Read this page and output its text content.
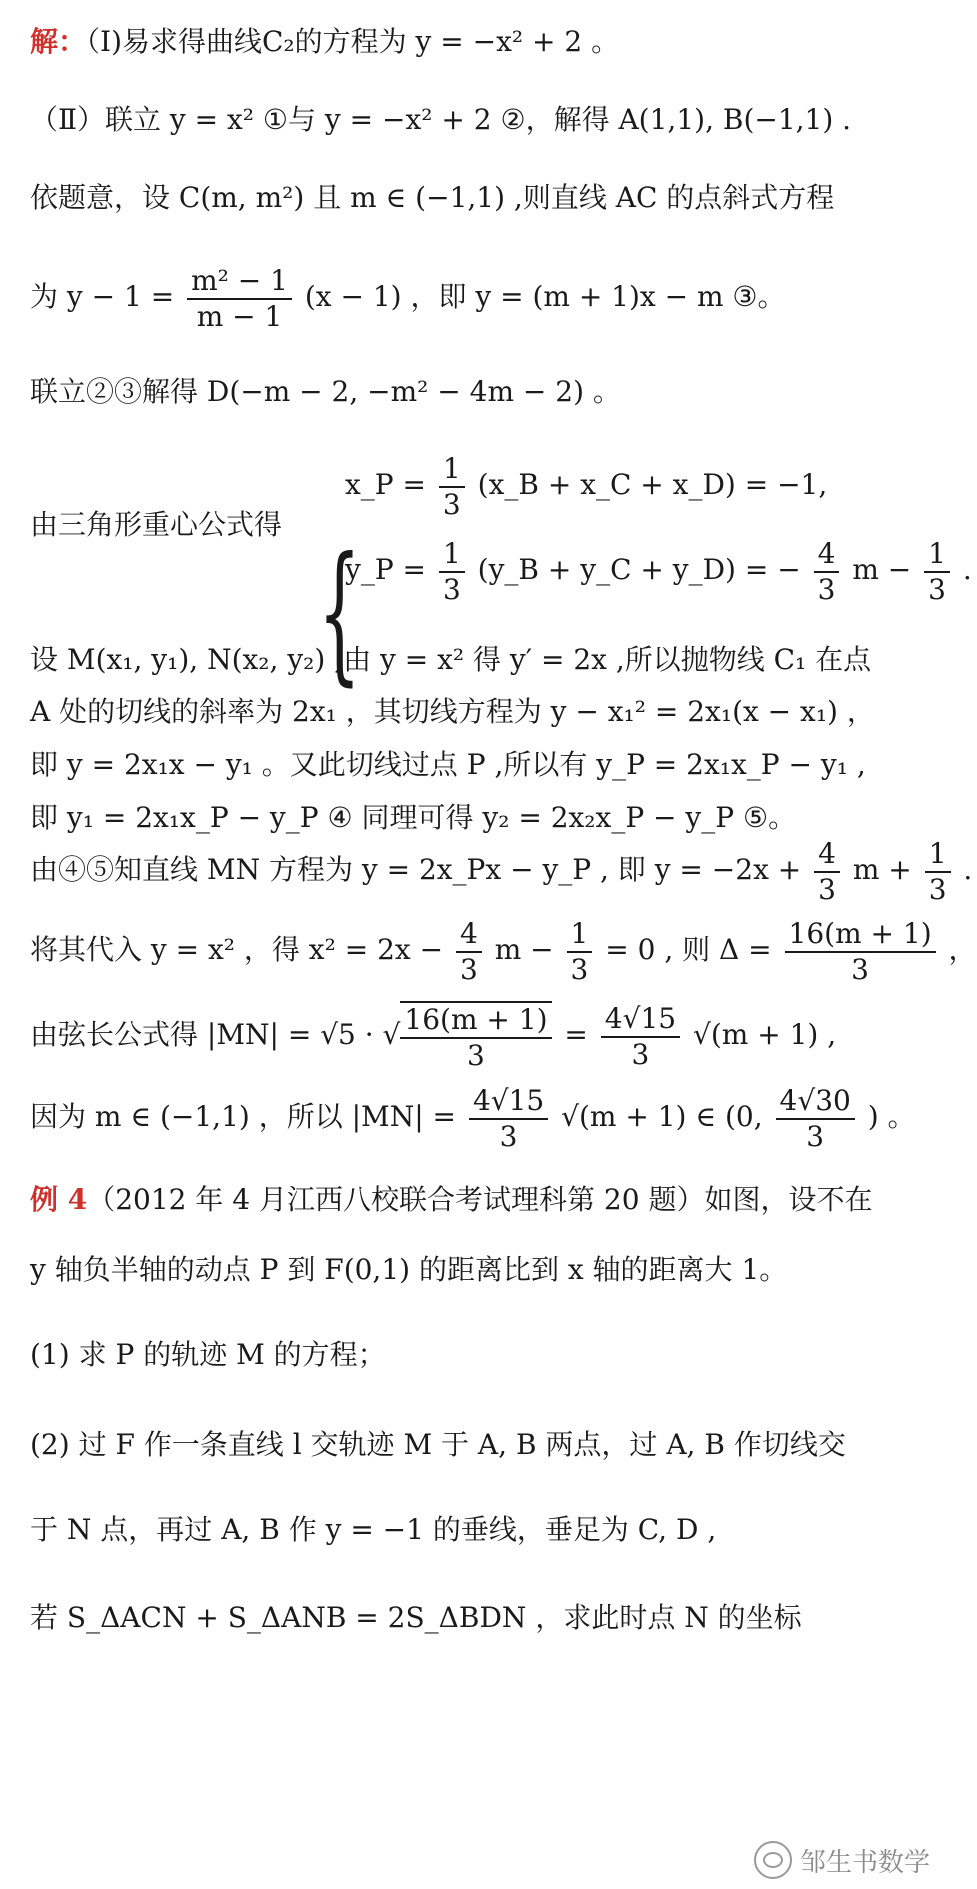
解：（Ⅰ)易求得曲线C₂的方程为 y = −x² + 2 。
（Ⅱ）联立 y = x² ①与 y = −x² + 2 ②，解得 A(1,1), B(−1,1) .
依题意，设 C(m, m²) 且 m ∈ (−1,1) ,则直线 AC 的点斜式方程
为 $y - 1 = \frac{\text{m² − 1}}{m - 1} (x - 1)$ ，即 y = (m + 1)x − m ③。
联立②③解得 D(−m − 2, −m² − 4m − 2) 。
由三角形重心公式得
{
x_P = $\frac{1}{3}$ (x_B + x_C + x_D) = −1,
y_P = $\frac{1}{3}$ (y_B + y_C + y_D) = − $\frac{4}{3}$ $m - \frac{1}{3}$ .
设 M(x₁, y₁), N(x₂, y₂) ,由 y = x² 得 y′ = 2x ,所以抛物线 C₁ 在点
A 处的切线的斜率为 2x₁ ，其切线方程为 y − x₁² = 2x₁(x − x₁) ，
即 y = 2x₁x − y₁ 。又此切线过点 P ,所以有 y_P = 2x₁x_P − y₁ ,
即 y₁ = 2x₁x_P − y_P ④ 同理可得 y₂ = 2x₂x_P − y_P ⑤。
由④⑤知直线 MN 方程为 y = 2x_Px − y_P , 即 $y = -2x + \frac{4}{3}$ $m + \frac{1}{3}$ .
将其代入 y = x² ，得 $x^2 = 2x - \frac{4}{3}$ $m - \frac{1}{3} = 0$ , 则 $\Delta = \frac{16(m + 1)}{3}$ ，
由弦长公式得 |MN| = √5 · √ $\frac{16(m + 1)}{3} = \frac{4√15}{3} √(m + 1)$ ,
因为 m ∈ (−1,1) ，所以 $|MN| = \frac{4√15}{3} √(m + 1)$ ∈ (0, $\frac{4√30}{3}$ ) 。
例 4（2012 年 4 月江西八校联合考试理科第 20 题）如图，设不在
y 轴负半轴的动点 P 到 F(0,1) 的距离比到 x 轴的距离大 1。
(1) 求 P 的轨迹 M 的方程；
(2) 过 F 作一条直线 l 交轨迹 M 于 A, B 两点，过 A, B 作切线交
于 N 点，再过 A, B 作 y = −1 的垂线，垂足为 C, D ,
若 S_ΔACN + S_ΔANB = 2S_ΔBDN ，求此时点 N 的坐标
邹生书数学
